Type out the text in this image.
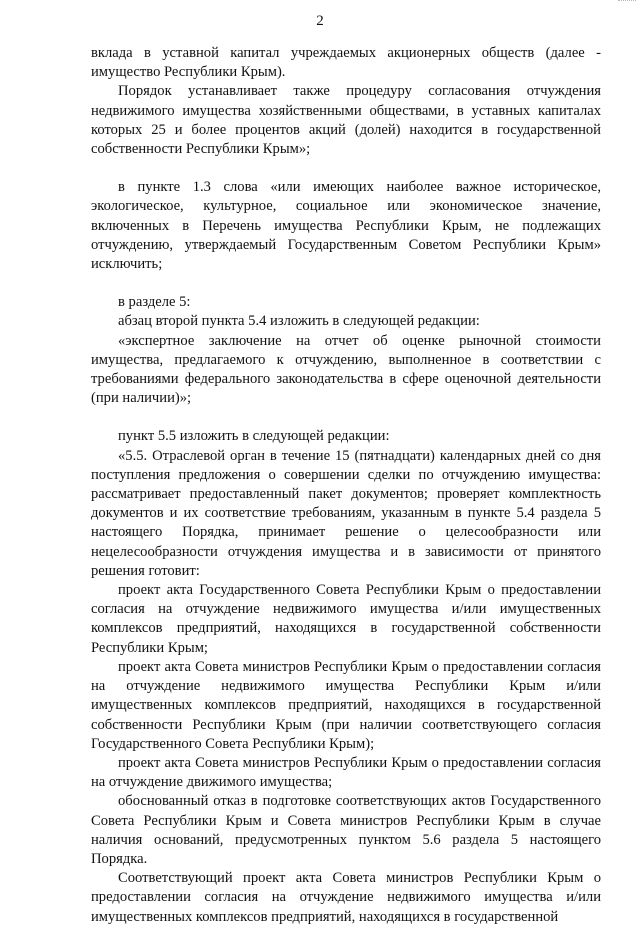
2

вклада в уставной капитал учреждаемых акционерных обществ (далее - имущество Республики Крым).

Порядок устанавливает также процедуру согласования отчуждения недвижимого имущества хозяйственными обществами, в уставных капиталах которых 25 и более процентов акций (долей) находится в государственной собственности Республики Крым»;

в пункте 1.3 слова «или имеющих наиболее важное историческое, экологическое, культурное, социальное или экономическое значение, включенных в Перечень имущества Республики Крым, не подлежащих отчуждению, утверждаемый Государственным Советом Республики Крым» исключить;

в разделе 5:

абзац второй пункта 5.4 изложить в следующей редакции:

«экспертное заключение на отчет об оценке рыночной стоимости имущества, предлагаемого к отчуждению, выполненное в соответствии с требованиями федерального законодательства в сфере оценочной деятельности (при наличии)»;

пункт 5.5 изложить в следующей редакции:

«5.5. Отраслевой орган в течение 15 (пятнадцати) календарных дней со дня поступления предложения о совершении сделки по отчуждению имущества: рассматривает предоставленный пакет документов; проверяет комплектность документов и их соответствие требованиям, указанным в пункте 5.4 раздела 5 настоящего Порядка, принимает решение о целесообразности или нецелесообразности отчуждения имущества и в зависимости от принятого решения готовит:

проект акта Государственного Совета Республики Крым о предоставлении согласия на отчуждение недвижимого имущества и/или имущественных комплексов предприятий, находящихся в государственной собственности Республики Крым;

проект акта Совета министров Республики Крым о предоставлении согласия на отчуждение недвижимого имущества Республики Крым и/или имущественных комплексов предприятий, находящихся в государственной собственности Республики Крым (при наличии соответствующего согласия Государственного Совета Республики Крым);

проект акта Совета министров Республики Крым о предоставлении согласия на отчуждение движимого имущества;

обоснованный отказ в подготовке соответствующих актов Государственного Совета Республики Крым и Совета министров Республики Крым в случае наличия оснований, предусмотренных пунктом 5.6 раздела 5 настоящего Порядка.

Соответствующий проект акта Совета министров Республики Крым о предоставлении согласия на отчуждение недвижимого имущества и/или имущественных комплексов предприятий, находящихся в государственной
